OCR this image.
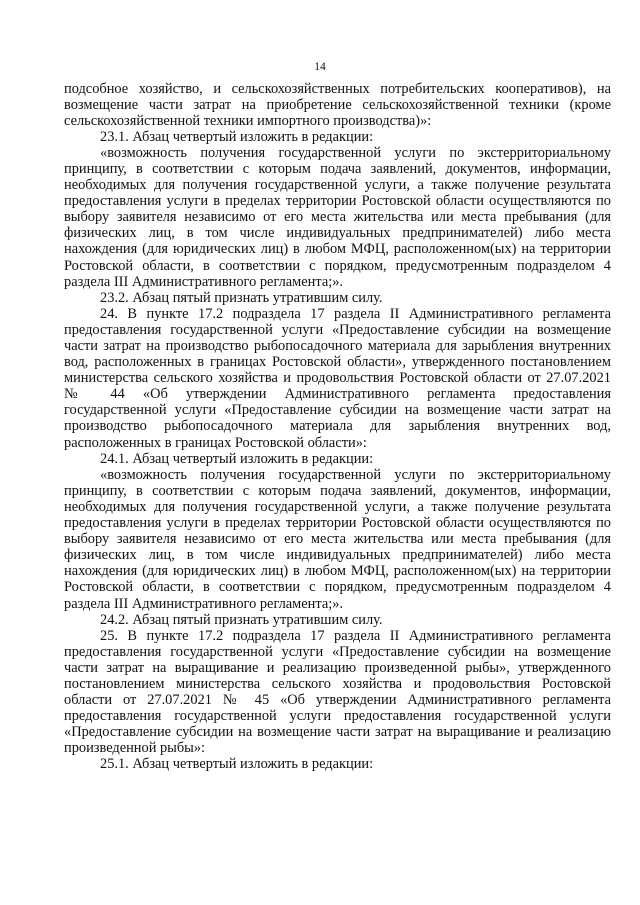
14

подсобное хозяйство, и сельскохозяйственных потребительских кооперативов), на возмещение части затрат на приобретение сельскохозяйственной техники (кроме сельскохозяйственной техники импортного производства)»:

23.1. Абзац четвертый изложить в редакции:

«возможность получения государственной услуги по экстерриториальному принципу, в соответствии с которым подача заявлений, документов, информации, необходимых для получения государственной услуги, а также получение результата предоставления услуги в пределах территории Ростовской области осуществляются по выбору заявителя независимо от его места жительства или места пребывания (для физических лиц, в том числе индивидуальных предпринимателей) либо места нахождения (для юридических лиц) в любом МФЦ, расположенном(ых) на территории Ростовской области, в соответствии с порядком, предусмотренным подразделом 4 раздела III Административного регламента;».

23.2. Абзац пятый признать утратившим силу.

24. В пункте 17.2 подраздела 17 раздела II Административного регламента предоставления государственной услуги «Предоставление субсидии на возмещение части затрат на производство рыбопосадочного материала для зарыбления внутренних вод, расположенных в границах Ростовской области», утвержденного постановлением министерства сельского хозяйства и продовольствия Ростовской области от 27.07.2021 № 44 «Об утверждении Административного регламента предоставления государственной услуги «Предоставление субсидии на возмещение части затрат на производство рыбопосадочного материала для зарыбления внутренних вод, расположенных в границах Ростовской области»:

24.1. Абзац четвертый изложить в редакции:

«возможность получения государственной услуги по экстерриториальному принципу, в соответствии с которым подача заявлений, документов, информации, необходимых для получения государственной услуги, а также получение результата предоставления услуги в пределах территории Ростовской области осуществляются по выбору заявителя независимо от его места жительства или места пребывания (для физических лиц, в том числе индивидуальных предпринимателей) либо места нахождения (для юридических лиц) в любом МФЦ, расположенном(ых) на территории Ростовской области, в соответствии с порядком, предусмотренным подразделом 4 раздела III Административного регламента;».

24.2. Абзац пятый признать утратившим силу.

25. В пункте 17.2 подраздела 17 раздела II Административного регламента предоставления государственной услуги «Предоставление субсидии на возмещение части затрат на выращивание и реализацию произведенной рыбы», утвержденного постановлением министерства сельского хозяйства и продовольствия Ростовской области от 27.07.2021 № 45 «Об утверждении Административного регламента предоставления государственной услуги предоставления государственной услуги «Предоставление субсидии на возмещение части затрат на выращивание и реализацию произведенной рыбы»:

25.1. Абзац четвертый изложить в редакции:
